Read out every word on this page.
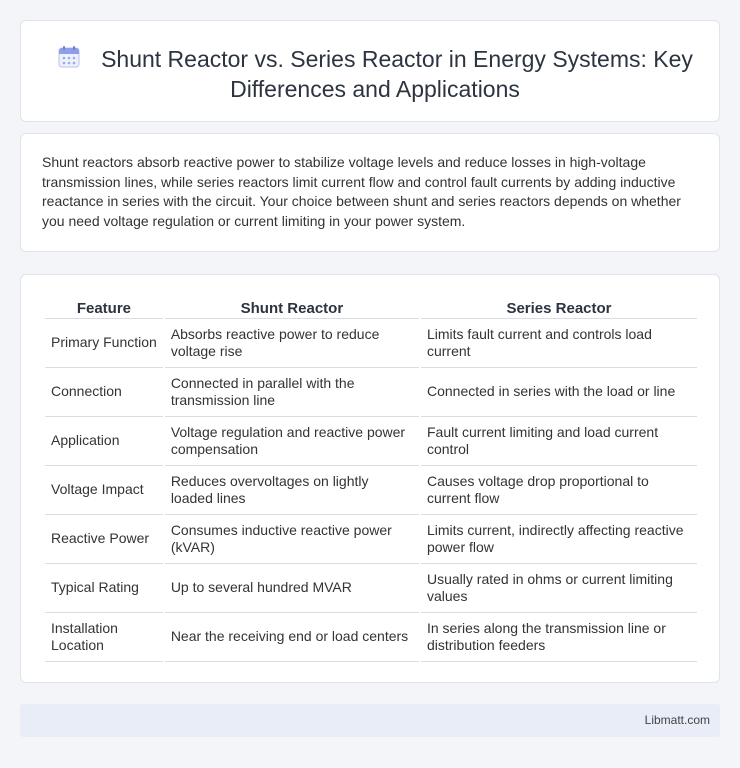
Shunt Reactor vs. Series Reactor in Energy Systems: Key Differences and Applications

Shunt reactors absorb reactive power to stabilize voltage levels and reduce losses in high-voltage transmission lines, while series reactors limit current flow and control fault currents by adding inductive reactance in series with the circuit. Your choice between shunt and series reactors depends on whether you need voltage regulation or current limiting in your power system.

Feature	Shunt Reactor	Series Reactor
Primary Function	Absorbs reactive power to reduce voltage rise	Limits fault current and controls load current
Connection	Connected in parallel with the transmission line	Connected in series with the load or line
Application	Voltage regulation and reactive power compensation	Fault current limiting and load current control
Voltage Impact	Reduces overvoltages on lightly loaded lines	Causes voltage drop proportional to current flow
Reactive Power	Consumes inductive reactive power (kVAR)	Limits current, indirectly affecting reactive power flow
Typical Rating	Up to several hundred MVAR	Usually rated in ohms or current limiting values
Installation Location	Near the receiving end or load centers	In series along the transmission line or distribution feeders
Libmatt.com
